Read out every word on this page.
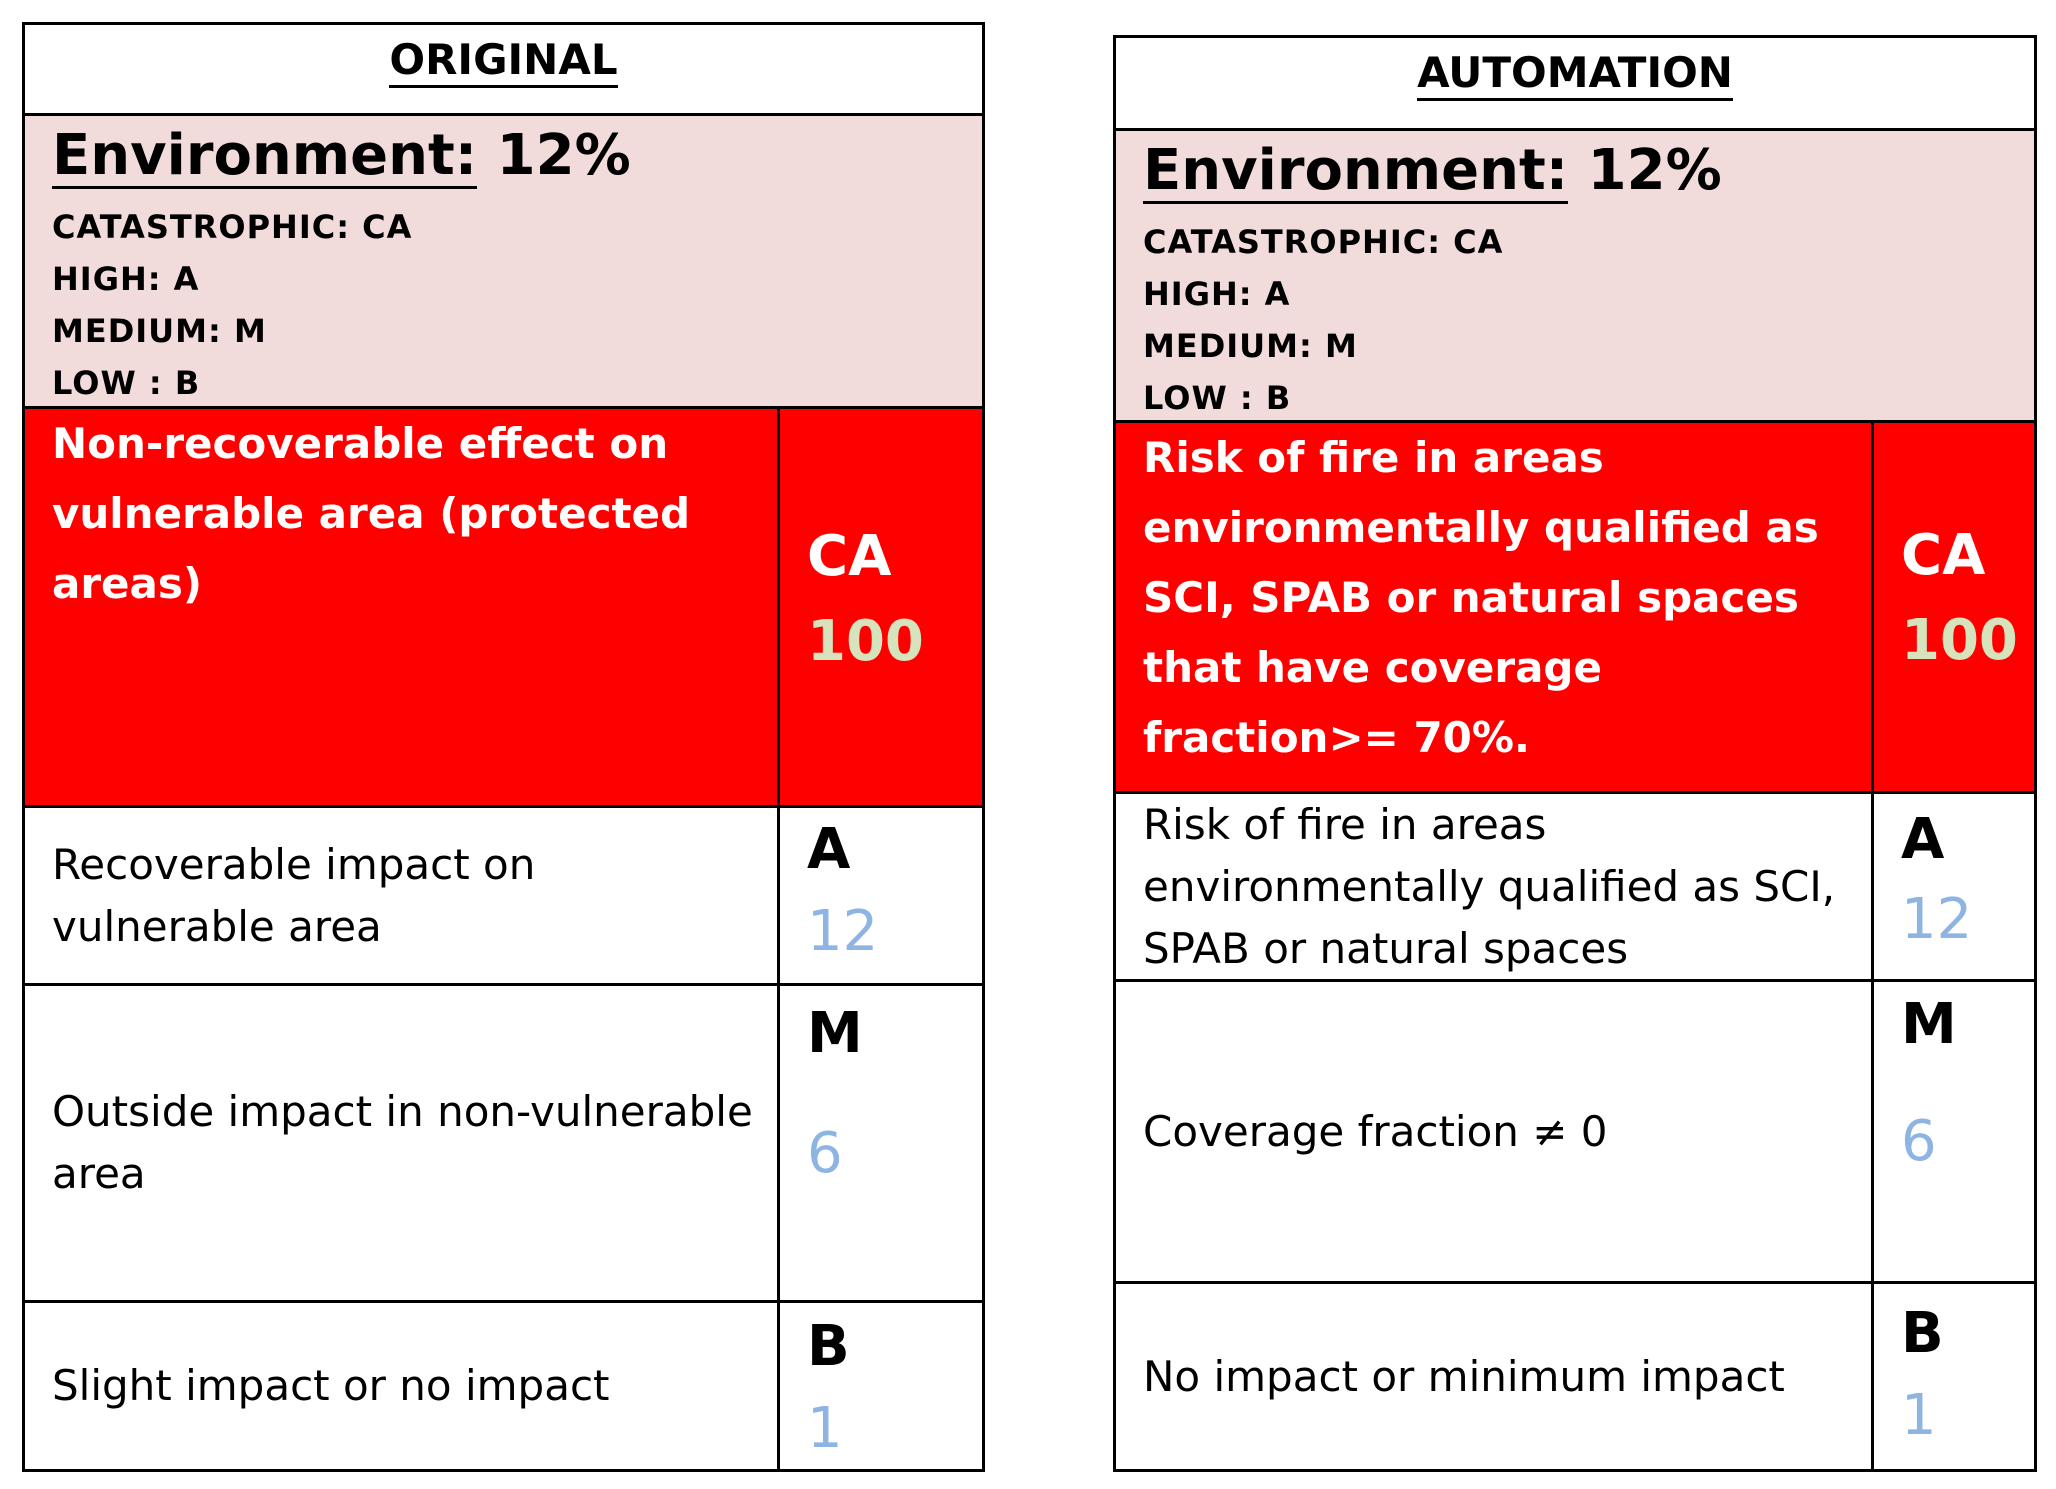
ORIGINAL
Environment: 12%
CATASTROPHIC: CA
HIGH: A
MEDIUM: M
LOW : B
Non-recoverable effect on vulnerable area (protected areas)	CA
100
Recoverable impact on vulnerable area
A
12
Outside impact in non-vulnerable area
M
6
Slight impact or no impact
B
1
AUTOMATION
Environment: 12%
CATASTROPHIC: CA
HIGH: A
MEDIUM: M
LOW : B
Risk of fire in areas environmentally qualified as SCI, SPAB or natural spaces that have coverage fraction>= 70%.
CA
100
Risk of fire in areas environmentally qualified as SCI, SPAB or natural spaces
A
12
Coverage fraction ≠ 0
M
6
No impact or minimum impact
B
1
